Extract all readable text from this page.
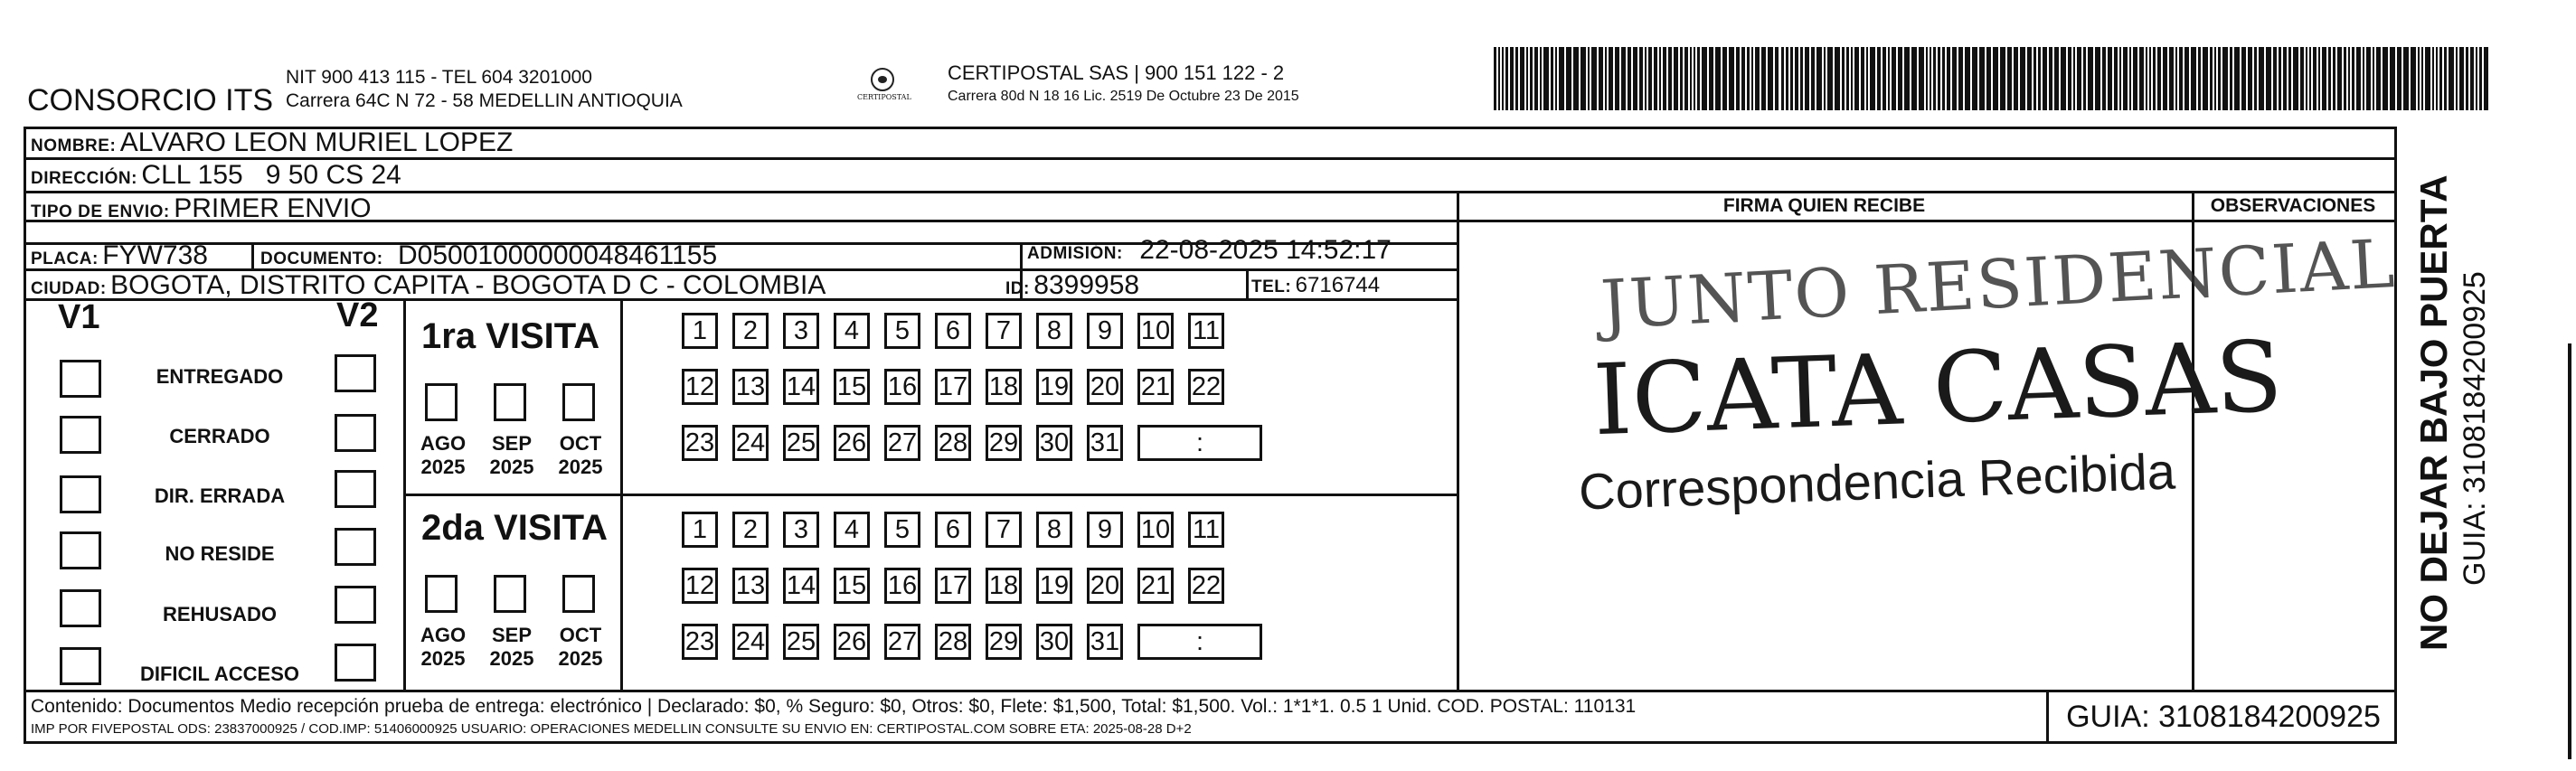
CONSORCIO ITS
NIT 900 413 115 - TEL 604 3201000
Carrera 64C N 72 - 58 MEDELLIN ANTIOQUIA	CERTIPOSTAL
CERTIPOSTAL SAS | 900 151 122 - 2
Carrera 80d N 18 16 Lic. 2519 De Octubre 23 De 2015
NOMBRE: ALVARO LEON MURIEL LOPEZ
DIRECCIÓN: CLL 155   9 50 CS 24
TIPO DE ENVIO: PRIMER ENVIO
PLACA: FYW738	DOCUMENTO: D05001000000048461155	ADMISIÓN: 22-08-2025 14:52:17
CIUDAD: BOGOTA, DISTRITO CAPITA - BOGOTA D C - COLOMBIA	ID: 8399958	TEL: 6716744
FIRMA QUIEN RECIBE	OBSERVACIONES
JUNTO RESIDENCIAL
ICATA CASAS
Correspondencia Recibida
V1	V2
ENTREGADO
CERRADO
DIR. ERRADA
NO RESIDE
REHUSADO
DIFICIL ACCESO
1ra VISITA
AGO
2025
SEP
2025
OCT
2025
1	2	3	4	5	6	7	8	9	10 11
12 13 14 15 16 17 18 19 20 21 22
23 24 25 26 27 28 29 30 31	:
2da VISITA
AGO
2025
SEP
2025
OCT
2025
1	2	3	4	5	6	7	8	9	10 11
12 13 14 15 16 17 18 19 20 21 22
23 24 25 26 27 28 29 30 31	:
Contenido: Documentos Medio recepción prueba de entrega: electrónico | Declarado: $0, % Seguro: $0, Otros: $0, Flete: $1,500, Total: $1,500. Vol.: 1*1*1. 0.5 1 Unid. COD. POSTAL: 110131
IMP POR FIVEPOSTAL ODS: 23837000925 / COD.IMP: 51406000925 USUARIO: OPERACIONES MEDELLIN CONSULTE SU ENVIO EN: CERTIPOSTAL.COM SOBRE ETA: 2025-08-28 D+2	GUIA: 3108184200925
NO DEJAR BAJO PUERTA GUIA: 3108184200925
